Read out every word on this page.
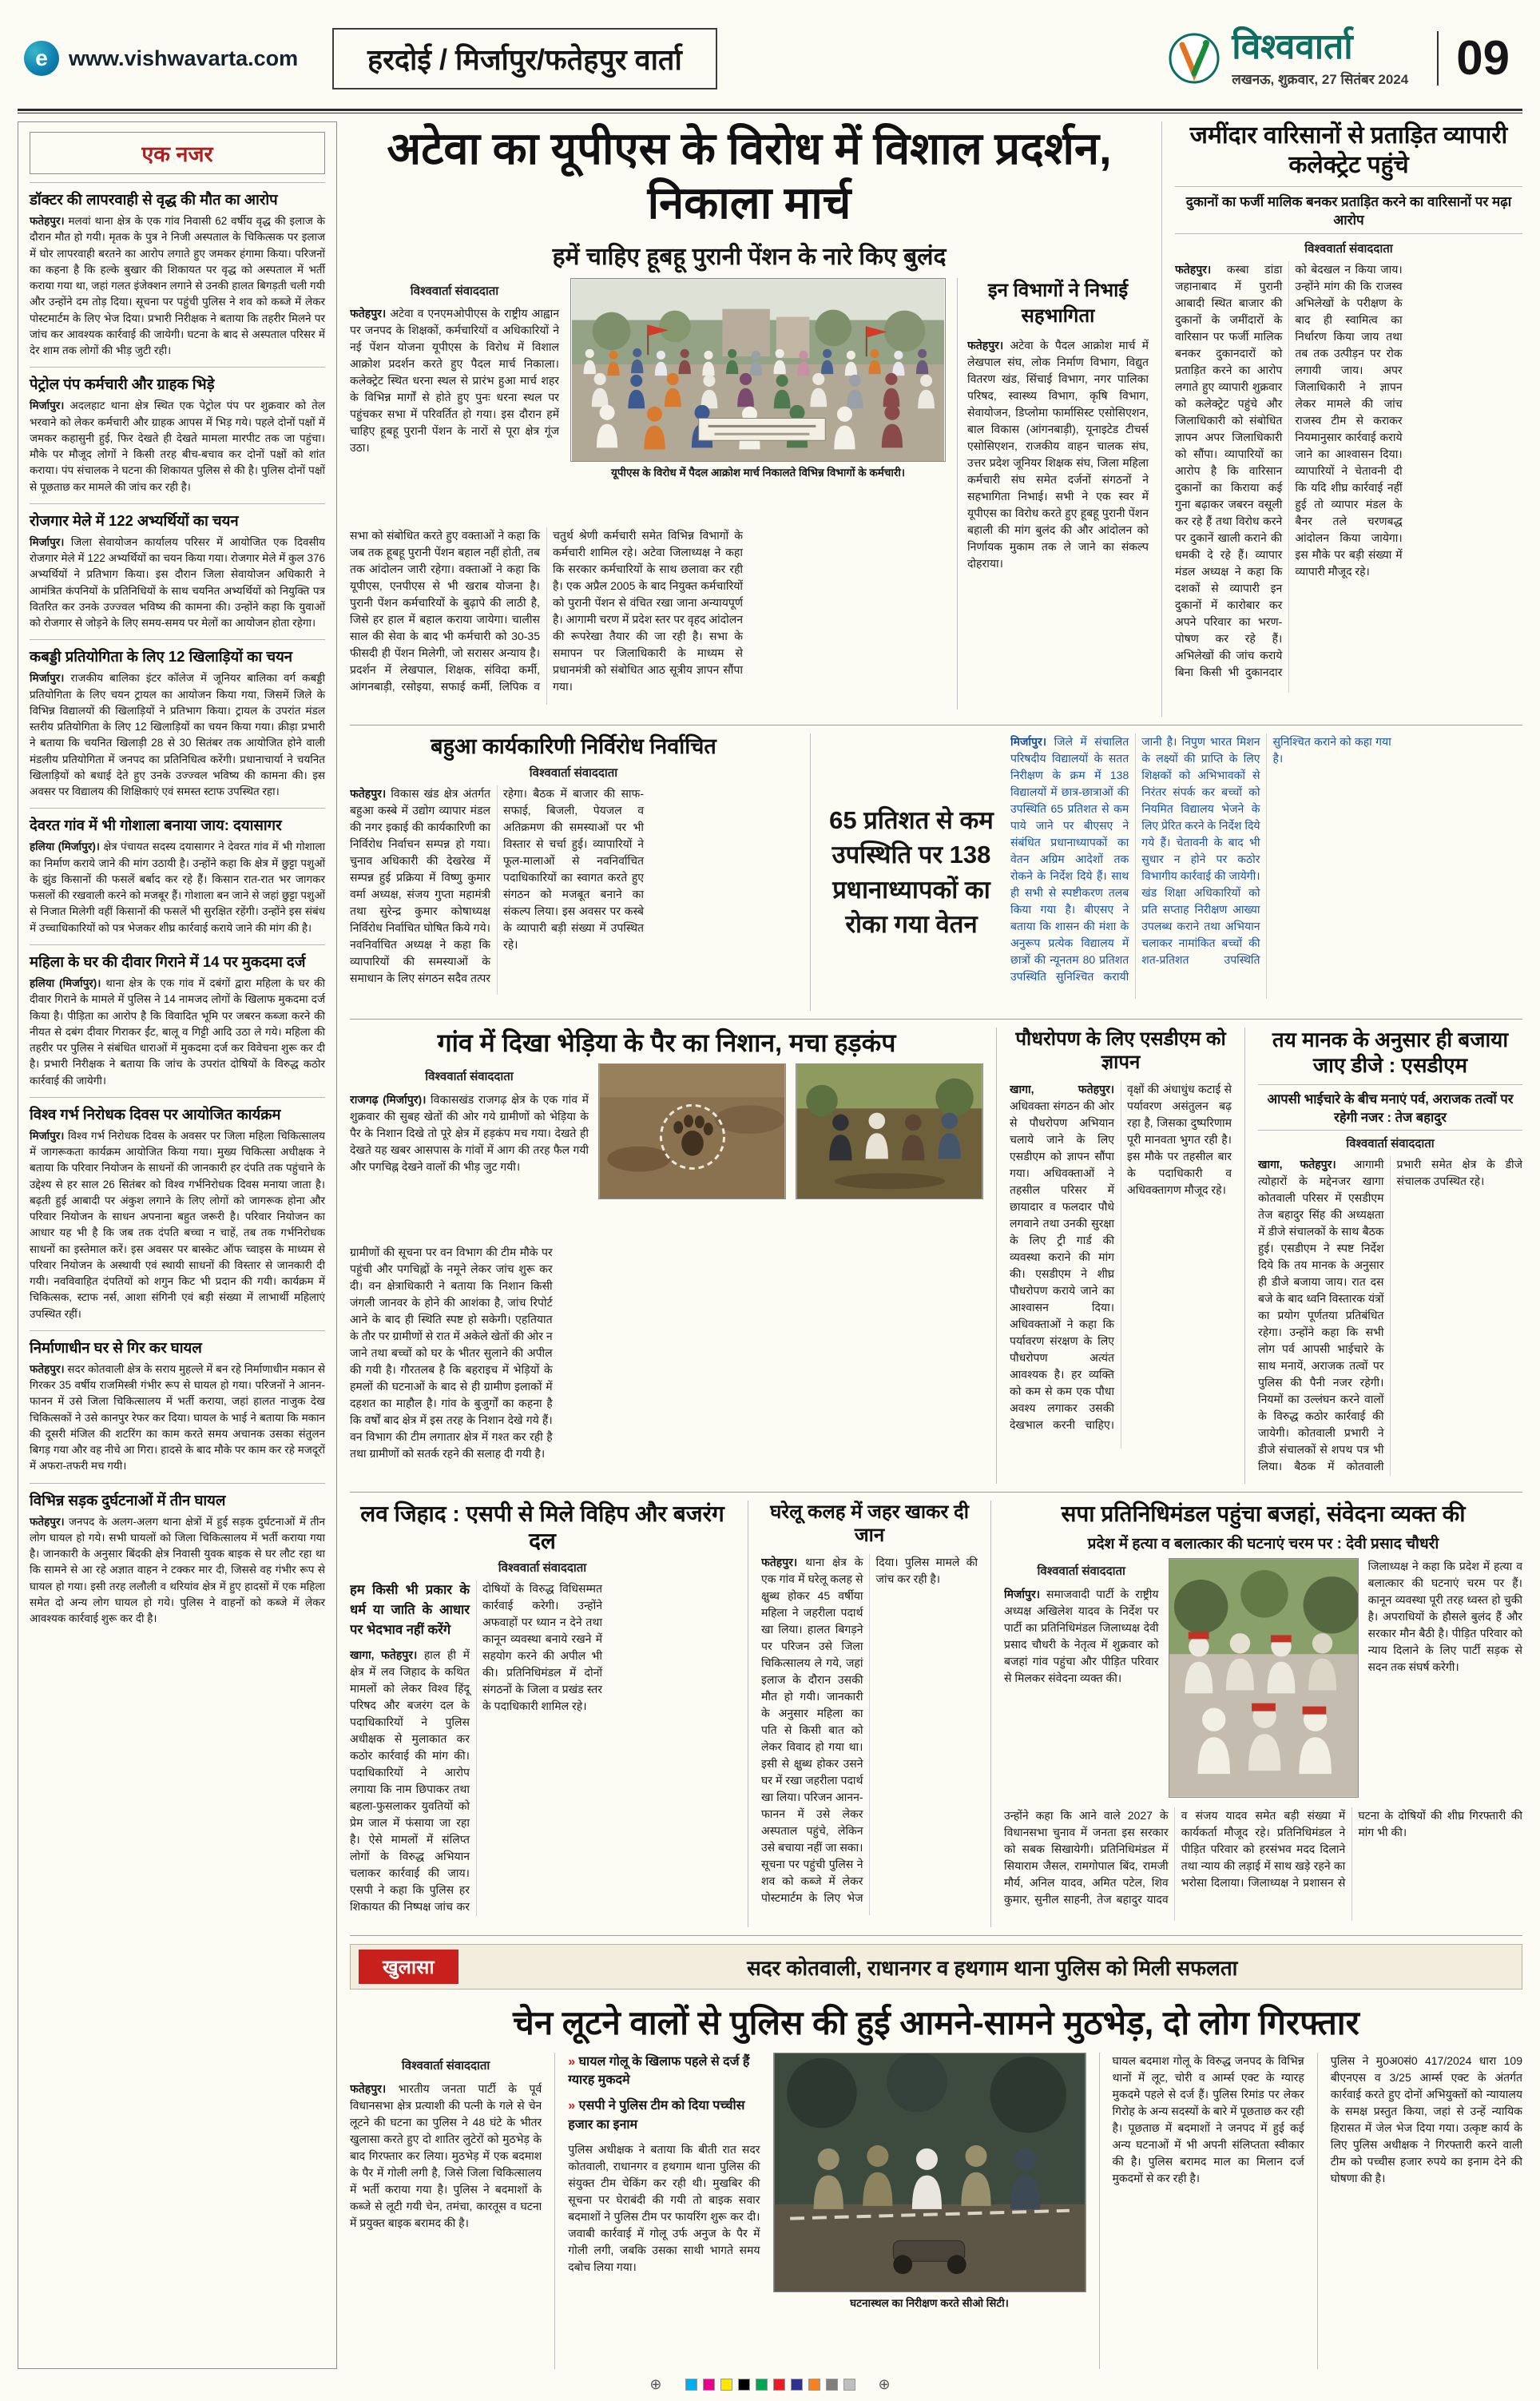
e www.vishwavarta.com	हरदोई / मिर्जापुर/फतेहपुर वार्ता	विश्ववार्ता
लखनऊ, शुक्रवार, 27 सितंबर 2024	09
एक नजर
डॉक्टर की लापरवाही से वृद्ध की मौत का आरोप

फतेहपुर। मलवां थाना क्षेत्र के एक गांव निवासी 62 वर्षीय वृद्ध की इलाज के दौरान मौत हो गयी। मृतक के पुत्र ने निजी अस्पताल के चिकित्सक पर इलाज में घोर लापरवाही बरतने का आरोप लगाते हुए जमकर हंगामा किया। परिजनों का कहना है कि हल्के बुखार की शिकायत पर वृद्ध को अस्पताल में भर्ती कराया गया था, जहां गलत इंजेक्शन लगाने से उनकी हालत बिगड़ती चली गयी और उन्होंने दम तोड़ दिया। सूचना पर पहुंची पुलिस ने शव को कब्जे में लेकर पोस्टमार्टम के लिए भेज दिया। प्रभारी निरीक्षक ने बताया कि तहरीर मिलने पर जांच कर आवश्यक कार्रवाई की जायेगी। घटना के बाद से अस्पताल परिसर में देर शाम तक लोगों की भीड़ जुटी रही।

पेट्रोल पंप कर्मचारी और ग्राहक भिड़े

मिर्जापुर। अदलहाट थाना क्षेत्र स्थित एक पेट्रोल पंप पर शुक्रवार को तेल भरवाने को लेकर कर्मचारी और ग्राहक आपस में भिड़ गये। पहले दोनों पक्षों में जमकर कहासुनी हुई, फिर देखते ही देखते मामला मारपीट तक जा पहुंचा। मौके पर मौजूद लोगों ने किसी तरह बीच-बचाव कर दोनों पक्षों को शांत कराया। पंप संचालक ने घटना की शिकायत पुलिस से की है। पुलिस दोनों पक्षों से पूछताछ कर मामले की जांच कर रही है।

रोजगार मेले में 122 अभ्यर्थियों का चयन

मिर्जापुर। जिला सेवायोजन कार्यालय परिसर में आयोजित एक दिवसीय रोजगार मेले में 122 अभ्यर्थियों का चयन किया गया। रोजगार मेले में कुल 376 अभ्यर्थियों ने प्रतिभाग किया। इस दौरान जिला सेवायोजन अधिकारी ने आमंत्रित कंपनियों के प्रतिनिधियों के साथ चयनित अभ्यर्थियों को नियुक्ति पत्र वितरित कर उनके उज्ज्वल भविष्य की कामना की। उन्होंने कहा कि युवाओं को रोजगार से जोड़ने के लिए समय-समय पर मेलों का आयोजन होता रहेगा।

कबड्डी प्रतियोगिता के लिए 12 खिलाड़ियों का चयन

मिर्जापुर। राजकीय बालिका इंटर कॉलेज में जूनियर बालिका वर्ग कबड्डी प्रतियोगिता के लिए चयन ट्रायल का आयोजन किया गया, जिसमें जिले के विभिन्न विद्यालयों की खिलाड़ियों ने प्रतिभाग किया। ट्रायल के उपरांत मंडल स्तरीय प्रतियोगिता के लिए 12 खिलाड़ियों का चयन किया गया। क्रीड़ा प्रभारी ने बताया कि चयनित खिलाड़ी 28 से 30 सितंबर तक आयोजित होने वाली मंडलीय प्रतियोगिता में जनपद का प्रतिनिधित्व करेंगी। प्रधानाचार्या ने चयनित खिलाड़ियों को बधाई देते हुए उनके उज्ज्वल भविष्य की कामना की। इस अवसर पर विद्यालय की शिक्षिकाएं एवं समस्त स्टाफ उपस्थित रहा।

देवरत गांव में भी गोशाला बनाया जाय: दयासागर

हलिया (मिर्जापुर)। क्षेत्र पंचायत सदस्य दयासागर ने देवरत गांव में भी गोशाला का निर्माण कराये जाने की मांग उठायी है। उन्होंने कहा कि क्षेत्र में छुट्टा पशुओं के झुंड किसानों की फसलें बर्बाद कर रहे हैं। किसान रात-रात भर जागकर फसलों की रखवाली करने को मजबूर हैं। गोशाला बन जाने से जहां छुट्टा पशुओं से निजात मिलेगी वहीं किसानों की फसलें भी सुरक्षित रहेंगी। उन्होंने इस संबंध में उच्चाधिकारियों को पत्र भेजकर शीघ्र कार्रवाई कराये जाने की मांग की है।

महिला के घर की दीवार गिराने में 14 पर मुकदमा दर्ज

हलिया (मिर्जापुर)। थाना क्षेत्र के एक गांव में दबंगों द्वारा महिला के घर की दीवार गिराने के मामले में पुलिस ने 14 नामजद लोगों के खिलाफ मुकदमा दर्ज किया है। पीड़िता का आरोप है कि विवादित भूमि पर जबरन कब्जा करने की नीयत से दबंग दीवार गिराकर ईंट, बालू व गिट्टी आदि उठा ले गये। महिला की तहरीर पर पुलिस ने संबंधित धाराओं में मुकदमा दर्ज कर विवेचना शुरू कर दी है। प्रभारी निरीक्षक ने बताया कि जांच के उपरांत दोषियों के विरुद्ध कठोर कार्रवाई की जायेगी।

विश्व गर्भ निरोधक दिवस पर आयोजित कार्यक्रम

मिर्जापुर। विश्व गर्भ निरोधक दिवस के अवसर पर जिला महिला चिकित्सालय में जागरूकता कार्यक्रम आयोजित किया गया। मुख्य चिकित्सा अधीक्षक ने बताया कि परिवार नियोजन के साधनों की जानकारी हर दंपति तक पहुंचाने के उद्देश्य से हर साल 26 सितंबर को विश्व गर्भनिरोधक दिवस मनाया जाता है। बढ़ती हुई आबादी पर अंकुश लगाने के लिए लोगों को जागरूक होना और परिवार नियोजन के साधन अपनाना बहुत जरूरी है। परिवार नियोजन का आधार यह भी है कि जब तक दंपति बच्चा न चाहें, तब तक गर्भनिरोधक साधनों का इस्तेमाल करें। इस अवसर पर बास्केट ऑफ च्वाइस के माध्यम से परिवार नियोजन के अस्थायी एवं स्थायी साधनों की विस्तार से जानकारी दी गयी। नवविवाहित दंपतियों को शगुन किट भी प्रदान की गयी। कार्यक्रम में चिकित्सक, स्टाफ नर्स, आशा संगिनी एवं बड़ी संख्या में लाभार्थी महिलाएं उपस्थित रहीं।

निर्माणाधीन घर से गिर कर घायल

फतेहपुर। सदर कोतवाली क्षेत्र के सराय मुहल्ले में बन रहे निर्माणाधीन मकान से गिरकर 35 वर्षीय राजमिस्त्री गंभीर रूप से घायल हो गया। परिजनों ने आनन-फानन में उसे जिला चिकित्सालय में भर्ती कराया, जहां हालत नाजुक देख चिकित्सकों ने उसे कानपुर रेफर कर दिया। घायल के भाई ने बताया कि मकान की दूसरी मंजिल की शटरिंग का काम करते समय अचानक उसका संतुलन बिगड़ गया और वह नीचे आ गिरा। हादसे के बाद मौके पर काम कर रहे मजदूरों में अफरा-तफरी मच गयी।

विभिन्न सड़क दुर्घटनाओं में तीन घायल

फतेहपुर। जनपद के अलग-अलग थाना क्षेत्रों में हुई सड़क दुर्घटनाओं में तीन लोग घायल हो गये। सभी घायलों को जिला चिकित्सालय में भर्ती कराया गया है। जानकारी के अनुसार बिंदकी क्षेत्र निवासी युवक बाइक से घर लौट रहा था कि सामने से आ रहे अज्ञात वाहन ने टक्कर मार दी, जिससे वह गंभीर रूप से घायल हो गया। इसी तरह ललौली व थरियांव क्षेत्र में हुए हादसों में एक महिला समेत दो अन्य लोग घायल हो गये। पुलिस ने वाहनों को कब्जे में लेकर आवश्यक कार्रवाई शुरू कर दी है।

अटेवा का यूपीएस के विरोध में विशाल प्रदर्शन, निकाला मार्च
हमें चाहिए हूबहू पुरानी पेंशन के नारे किए बुलंद
विश्ववार्ता संवाददाता

फतेहपुर। अटेवा व एनएमओपीएस के राष्ट्रीय आह्वान पर जनपद के शिक्षकों, कर्मचारियों व अधिकारियों ने नई पेंशन योजना यूपीएस के विरोध में विशाल आक्रोश प्रदर्शन करते हुए पैदल मार्च निकाला। कलेक्ट्रेट स्थित धरना स्थल से प्रारंभ हुआ मार्च शहर के विभिन्न मार्गों से होते हुए पुनः धरना स्थल पर पहुंचकर सभा में परिवर्तित हो गया। इस दौरान हमें चाहिए हूबहू पुरानी पेंशन के नारों से पूरा क्षेत्र गूंज उठा।

यूपीएस के विरोध में पैदल आक्रोश मार्च निकालते विभिन्न विभागों के कर्मचारी।

सभा को संबोधित करते हुए वक्ताओं ने कहा कि जब तक हूबहू पुरानी पेंशन बहाल नहीं होती, तब तक आंदोलन जारी रहेगा। वक्ताओं ने कहा कि यूपीएस, एनपीएस से भी खराब योजना है। पुरानी पेंशन कर्मचारियों के बुढ़ापे की लाठी है, जिसे हर हाल में बहाल कराया जायेगा। चालीस साल की सेवा के बाद भी कर्मचारी को 30-35 फीसदी ही पेंशन मिलेगी, जो सरासर अन्याय है। प्रदर्शन में लेखपाल, शिक्षक, संविदा कर्मी, आंगनबाड़ी, रसोइया, सफाई कर्मी, लिपिक व चतुर्थ श्रेणी कर्मचारी समेत विभिन्न विभागों के कर्मचारी शामिल रहे। अटेवा जिलाध्यक्ष ने कहा कि सरकार कर्मचारियों के साथ छलावा कर रही है। एक अप्रैल 2005 के बाद नियुक्त कर्मचारियों को पुरानी पेंशन से वंचित रखा जाना अन्यायपूर्ण है। आगामी चरण में प्रदेश स्तर पर वृहद आंदोलन की रूपरेखा तैयार की जा रही है। सभा के समापन पर जिलाधिकारी के माध्यम से प्रधानमंत्री को संबोधित आठ सूत्रीय ज्ञापन सौंपा गया।

इन विभागों ने निभाई सहभागिता

फतेहपुर। अटेवा के पैदल आक्रोश मार्च में लेखपाल संघ, लोक निर्माण विभाग, विद्युत वितरण खंड, सिंचाई विभाग, नगर पालिका परिषद, स्वास्थ्य विभाग, कृषि विभाग, सेवायोजन, डिप्लोमा फार्मासिस्ट एसोसिएशन, बाल विकास (आंगनबाड़ी), यूनाइटेड टीचर्स एसोसिएशन, राजकीय वाहन चालक संघ, उत्तर प्रदेश जूनियर शिक्षक संघ, जिला महिला कर्मचारी संघ समेत दर्जनों संगठनों ने सहभागिता निभाई। सभी ने एक स्वर में यूपीएस का विरोध करते हुए हूबहू पुरानी पेंशन बहाली की मांग बुलंद की और आंदोलन को निर्णायक मुकाम तक ले जाने का संकल्प दोहराया।

जमींदार वारिसानों से प्रताड़ित व्यापारी कलेक्ट्रेट पहुंचे
दुकानों का फर्जी मालिक बनकर प्रताड़ित करने का वारिसानों पर मढ़ा आरोप
विश्ववार्ता संवाददाता

फतेहपुर। कस्बा डांडा जहानाबाद में पुरानी आबादी स्थित बाजार की दुकानों के जमींदारों के वारिसान पर फर्जी मालिक बनकर दुकानदारों को प्रताड़ित करने का आरोप लगाते हुए व्यापारी शुक्रवार को कलेक्ट्रेट पहुंचे और जिलाधिकारी को संबोधित ज्ञापन अपर जिलाधिकारी को सौंपा। व्यापारियों का आरोप है कि वारिसान दुकानों का किराया कई गुना बढ़ाकर जबरन वसूली कर रहे हैं तथा वि‍रोध करने पर दुकानें खाली कराने की धमकी दे रहे हैं। व्यापार मंडल अध्यक्ष ने कहा कि दशकों से व्यापारी इन दुकानों में कारोबार कर अपने परिवार का भरण-पोषण कर रहे हैं। अभिलेखों की जांच कराये बिना किसी भी दुकानदार को बेदखल न किया जाय। उन्होंने मांग की कि राजस्व अभिलेखों के परीक्षण के बाद ही स्वामित्व का निर्धारण किया जाय तथा तब तक उत्पीड़न पर रोक लगायी जाय। अपर जिलाधिकारी ने ज्ञापन लेकर मामले की जांच राजस्व टीम से कराकर नियमानुसार कार्रवाई कराये जाने का आश्वासन दिया। व्यापारियों ने चेतावनी दी कि यदि शीघ्र कार्रवाई नहीं हुई तो व्यापार मंडल के बैनर तले चरणबद्ध आंदोलन किया जायेगा। इस मौके पर बड़ी संख्या में व्यापारी मौजूद रहे।

बहुआ कार्यकारिणी निर्विरोध निर्वाचित
विश्ववार्ता संवाददाता

फतेहपुर। विकास खंड क्षेत्र अंतर्गत बहुआ कस्बे में उद्योग व्यापार मंडल की नगर इकाई की कार्यकारिणी का निर्विरोध निर्वाचन सम्पन्न हो गया। चुनाव अधिकारी की देखरेख में सम्पन्न हुई प्रक्रिया में विष्णु कुमार वर्मा अध्यक्ष, संजय गुप्ता महामंत्री तथा सुरेन्द्र कुमार कोषाध्यक्ष निर्विरोध निर्वाचित घोषित किये गये। नवनिर्वाचित अध्यक्ष ने कहा कि व्यापारियों की समस्याओं के समाधान के लिए संगठन सदैव तत्पर रहेगा। बैठक में बाजार की साफ-सफाई, बिजली, पेयजल व अतिक्रमण की समस्याओं पर भी विस्तार से चर्चा हुई। व्यापारियों ने फूल-मालाओं से नवनिर्वाचित पदाधिकारियों का स्वागत करते हुए संगठन को मजबूत बनाने का संकल्प लिया। इस अवसर पर कस्बे के व्यापारी बड़ी संख्या में उपस्थित रहे।

65 प्रतिशत से कम उपस्थिति पर 138 प्रधानाध्यापकों का रोका गया वेतन

मिर्जापुर। जिले में संचालित परिषदीय विद्यालयों के सतत निरीक्षण के क्रम में 138 विद्यालयों में छात्र-छात्राओं की उपस्थिति 65 प्रतिशत से कम पाये जाने पर बीएसए ने संबंधित प्रधानाध्यापकों का वेतन अग्रिम आदेशों तक रोकने के निर्देश दिये हैं। साथ ही सभी से स्पष्टीकरण तलब किया गया है। बीएसए ने बताया कि शासन की मंशा के अनुरूप प्रत्येक विद्यालय में छात्रों की न्यूनतम 80 प्रतिशत उपस्थिति सुनिश्चित करायी जानी है। निपुण भारत मिशन के लक्ष्यों की प्राप्ति के लिए शिक्षकों को अभिभावकों से निरंतर संपर्क कर बच्चों को नियमित विद्यालय भेजने के लिए प्रेरित करने के निर्देश दिये गये हैं। चेतावनी के बाद भी सुधार न होने पर कठोर विभागीय कार्रवाई की जायेगी। खंड शिक्षा अधिकारियों को प्रति सप्ताह निरीक्षण आख्या उपलब्ध कराने तथा अभियान चलाकर नामांकित बच्चों की शत-प्रतिशत उपस्थिति सुनिश्चित कराने को कहा गया है।

गांव में दिखा भेड़िया के पैर का निशान, मचा हड़कंप
विश्ववार्ता संवाददाता

राजगढ़ (मिर्जापुर)। विकासखंड राजगढ़ क्षेत्र के एक गांव में शुक्रवार की सुबह खेतों की ओर गये ग्रामीणों को भेड़िया के पैर के निशान दिखे तो पूरे क्षेत्र में हड़कंप मच गया। देखते ही देखते यह खबर आसपास के गांवों में आग की तरह फैल गयी और पगचिह्न देखने वालों की भीड़ जुट गयी।

ग्रामीणों की सूचना पर वन विभाग की टीम मौके पर पहुंची और पगचिह्नों के नमूने लेकर जांच शुरू कर दी। वन क्षेत्राधिकारी ने बताया कि निशान किसी जंगली जानवर के होने की आशंका है, जांच रिपोर्ट आने के बाद ही स्थिति स्पष्ट हो सकेगी। एहतियात के तौर पर ग्रामीणों से रात में अकेले खेतों की ओर न जाने तथा बच्चों को घर के भीतर सुलाने की अपील की गयी है। गौरतलब है कि बहराइच में भेड़ियों के हमलों की घटनाओं के बाद से ही ग्रामीण इलाकों में दहशत का माहौल है। गांव के बुजुर्गों का कहना है कि वर्षों बाद क्षेत्र में इस तरह के निशान देखे गये हैं। वन विभाग की टीम लगातार क्षेत्र में गश्त कर रही है तथा ग्रामीणों को सतर्क रहने की सलाह दी गयी है।

पौधरोपण के लिए एसडीएम को ज्ञापन

खागा, फतेहपुर।अधिवक्ता संगठन की ओर से पौधरोपण अभियान चलाये जाने के लिए एसडीएम को ज्ञापन सौंपा गया। अधिवक्ताओं ने तहसील परिसर में छायादार व फलदार पौधे लगवाने तथा उनकी सुरक्षा के लिए ट्री गार्ड की व्यवस्था कराने की मांग की। एसडीएम ने शीघ्र पौधरोपण कराये जाने का आश्वासन दिया। अधिवक्ताओं ने कहा कि पर्यावरण संरक्षण के लिए पौधरोपण अत्यंत आवश्यक है। हर व्यक्ति को कम से कम एक पौधा अवश्य लगाकर उसकी देखभाल करनी चाहिए। वृक्षों की अंधाधुंध कटाई से पर्यावरण असंतुलन बढ़ रहा है, जिसका दुष्परिणाम पूरी मानवता भुगत रही है। इस मौके पर तहसील बार के पदाधिकारी व अधिवक्तागण मौजूद रहे।

तय मानक के अनुसार ही बजाया जाए डीजे : एसडीएम
आपसी भाईचारे के बीच मनाएं पर्व, अराजक तत्वों पर रहेगी नजर : तेज बहादुर
विश्ववार्ता संवाददाता

खागा, फतेहपुर। आगामी त्योहारों के मद्देनजर खागा कोतवाली परिसर में एसडीएम तेज बहादुर सिंह की अध्यक्षता में डीजे संचालकों के साथ बैठक हुई। एसडीएम ने स्पष्ट निर्देश दिये कि तय मानक के अनुसार ही डीजे बजाया जाय। रात दस बजे के बाद ध्वनि विस्तारक यंत्रों का प्रयोग पूर्णतया प्रतिबंधित रहेगा। उन्होंने कहा कि सभी लोग पर्व आपसी भाईचारे के साथ मनायें, अराजक तत्वों पर पुलिस की पैनी नजर रहेगी। नियमों का उल्लंघन करने वालों के विरुद्ध कठोर कार्रवाई की जायेगी। कोतवाली प्रभारी ने डीजे संचालकों से शपथ पत्र भी लिया। बैठक में कोतवाली प्रभारी समेत क्षेत्र के डीजे संचालक उपस्थित रहे।

लव जिहाद : एसपी से मिले विहिप और बजरंग दल
विश्ववार्ता संवाददाता

हम किसी भी प्रकार के धर्म या जाति के आधार पर भेदभाव नहीं करेंगे

खागा, फतेहपुर। हाल ही में क्षेत्र में लव जिहाद के कथित मामलों को लेकर विश्व हिंदू परिषद और बजरंग दल के पदाधिकारियों ने पुलिस अधीक्षक से मुलाकात कर कठोर कार्रवाई की मांग की। पदाधिकारियों ने आरोप लगाया कि नाम छिपाकर तथा बहला-फुसलाकर युवतियों को प्रेम जाल में फंसाया जा रहा है। ऐसे मामलों में संलिप्त लोगों के विरुद्ध अभियान चलाकर कार्रवाई की जाय। एसपी ने कहा कि पुलिस हर शिकायत की निष्पक्ष जांच कर दोषियों के विरुद्ध विधिसम्मत कार्रवाई करेगी। उन्होंने अफवाहों पर ध्यान न देने तथा कानून व्यवस्था बनाये रखने में सहयोग करने की अपील भी की। प्रतिनिधिमंडल में दोनों संगठनों के जिला व प्रखंड स्तर के पदाधिकारी शामिल रहे।

घरेलू कलह में जहर खाकर दी जान

फतेहपुर। थाना क्षेत्र के एक गांव में घरेलू कलह से क्षुब्ध होकर 45 वर्षीया महिला ने जहरीला पदार्थ खा लिया। हालत बिगड़ने पर परिजन उसे जिला चिकित्सालय ले गये, जहां इलाज के दौरान उसकी मौत हो गयी। जानकारी के अनुसार महिला का पति से किसी बात को लेकर विवाद हो गया था। इसी से क्षुब्ध होकर उसने घर में रखा जहरीला पदार्थ खा लिया। परिजन आनन-फानन में उसे लेकर अस्पताल पहुंचे, लेकिन उसे बचाया नहीं जा सका। सूचना पर पहुंची पुलिस ने शव को कब्जे में लेकर पोस्टमार्टम के लिए भेज दिया। पुलिस मामले की जांच कर रही है।

सपा प्रतिनिधिमंडल पहुंचा बजहां, संवेदना व्यक्त की
प्रदेश में हत्या व बलात्कार की घटनाएं चरम पर : देवी प्रसाद चौधरी
विश्ववार्ता संवाददाता

मिर्जापुर। समाजवादी पार्टी के राष्ट्रीय अध्यक्ष अखिलेश यादव के निर्देश पर पार्टी का प्रतिनिधिमंडल जिलाध्यक्ष देवी प्रसाद चौधरी के नेतृत्व में शुक्रवार को बजहां गांव पहुंचा और पीड़ित परिवार से मिलकर संवेदना व्यक्त की।

जिलाध्यक्ष ने कहा कि प्रदेश में हत्या व बलात्कार की घटनाएं चरम पर हैं। कानून व्यवस्था पूरी तरह ध्वस्त हो चुकी है। अपराधियों के हौसले बुलंद हैं और सरकार मौन बैठी है। पीड़ित परिवार को न्याय दिलाने के लिए पार्टी सड़क से सदन तक संघर्ष करेगी।

उन्होंने कहा कि आने वाले 2027 के विधानसभा चुनाव में जनता इस सरकार को सबक सिखायेगी। प्रतिनिधिमंडल में सियाराम जैसल, रामगोपाल बिंद, रामजी मौर्य, अनिल यादव, अमित पटेल, शिव कुमार, सुनील साहनी, तेज बहादुर यादव व संजय यादव समेत बड़ी संख्या में कार्यकर्ता मौजूद रहे। प्रतिनिधिमंडल ने पीड़ित परिवार को हरसंभव मदद दिलाने तथा न्याय की लड़ाई में साथ खड़े रहने का भरोसा दिलाया। जिलाध्यक्ष ने प्रशासन से घटना के दोषियों की शीघ्र गिरफ्तारी की मांग भी की।

खुलासा	सदर कोतवाली, राधानगर व हथगाम थाना पुलिस को मिली सफलता
चेन लूटने वालों से पुलिस की हुई आमने-सामने मुठभेड़, दो लोग गिरफ्तार
विश्ववार्ता संवाददाता

फतेहपुर। भारतीय जनता पार्टी के पूर्व विधानसभा क्षेत्र प्रत्याशी की पत्नी के गले से चेन लूटने की घटना का पुलिस ने 48 घंटे के भीतर खुलासा करते हुए दो शातिर लुटेरों को मुठभेड़ के बाद गिरफ्तार कर लिया। मुठभेड़ में एक बदमाश के पैर में गोली लगी है, जिसे जिला चिकित्सालय में भर्ती कराया गया है। पुलिस ने बदमाशों के कब्जे से लूटी गयी चेन, तमंचा, कारतूस व घटना में प्रयुक्त बाइक बरामद की है।

» घायल गोलू के खिलाफ पहले से दर्ज हैं ग्यारह मुकदमे
» एसपी ने पुलिस टीम को दिया पच्चीस हजार का इनाम

पुलिस अधीक्षक ने बताया कि बीती रात सदर कोतवाली, राधानगर व हथगाम थाना पुलिस की संयुक्त टीम चेकिंग कर रही थी। मुखबिर की सूचना पर घेराबंदी की गयी तो बाइक सवार बदमाशों ने पुलिस टीम पर फायरिंग शुरू कर दी। जवाबी कार्रवाई में गोलू उर्फ अनुज के पैर में गोली लगी, जबकि उसका साथी भागते समय दबोच लिया गया।

घटनास्थल का निरीक्षण करते सीओ सिटी।

घायल बदमाश गोलू के विरुद्ध जनपद के विभिन्न थानों में लूट, चोरी व आर्म्स एक्ट के ग्यारह मुकदमे पहले से दर्ज हैं। पुलिस रिमांड पर लेकर गिरोह के अन्य सदस्यों के बारे में पूछताछ कर रही है। पूछताछ में बदमाशों ने जनपद में हुई कई अन्य घटनाओं में भी अपनी संलिप्तता स्वीकार की है। पुलिस बरामद माल का मिलान दर्ज मुकदमों से कर रही है।

पुलिस ने मु0अ0सं0 417/2024 धारा 109 बीएनएस व 3/25 आर्म्स एक्ट के अंतर्गत कार्रवाई करते हुए दोनों अभियुक्तों को न्यायालय के समक्ष प्रस्तुत किया, जहां से उन्हें न्यायिक हिरासत में जेल भेज दिया गया। उत्कृष्ट कार्य के लिए पुलिस अधीक्षक ने गिरफ्तारी करने वाली टीम को पच्चीस हजार रुपये का इनाम देने की घोषणा की है।

⊕	⊕
